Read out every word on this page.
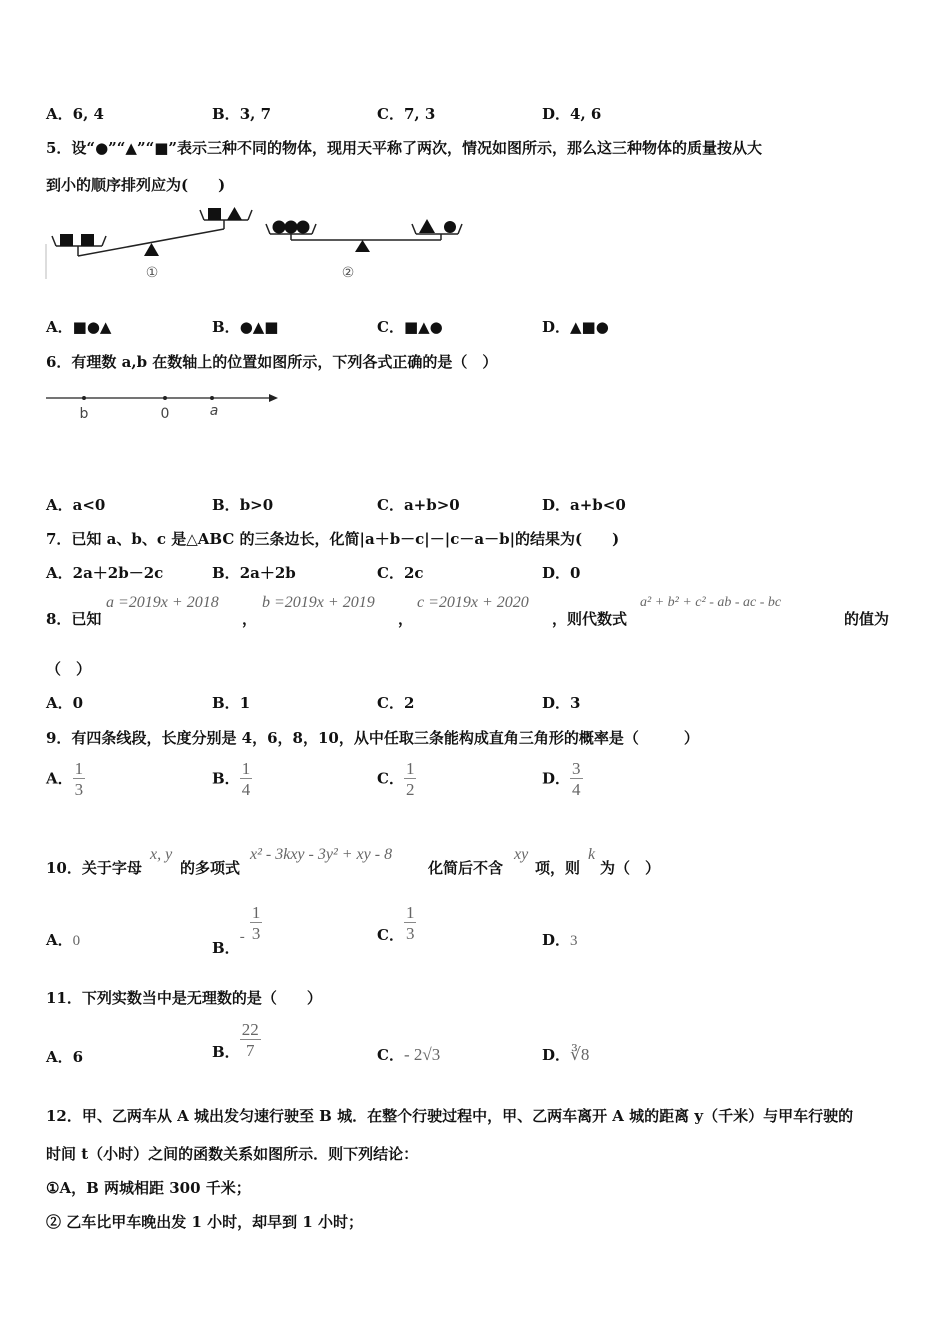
A．6, 4	B．3, 7	C．7, 3	D．4, 6
5．设“●”“▲”“■”表示三种不同的物体，现用天平称了两次，情况如图所示，那么这三种物体的质量按从大
到小的顺序排列应为(　　)
①	②
A．■●▲	B．●▲■	C．■▲●	D．▲■●
6．有理数 a,b 在数轴上的位置如图所示，下列各式正确的是（　）
b	0	a
A．a<0	B．b>0	C．a+b>0	D．a+b<0
7．已知 a、b、c 是△ABC 的三条边长，化简|a＋b－c|－|c－a－b|的结果为(　　)
A．2a＋2b－2c	B．2a＋2b	C．2c	D．0
8．已知
a =2019x + 2018
，
b =2019x + 2019
，
c =2019x + 2020
，则代数式
a² + b² + c² - ab - ac - bc
的值为
（　）
A．0	B．1	C．2	D．3
9．有四条线段，长度分别是 4，6，8，10，从中任取三条能构成直角三角形的概率是（　　　）
A． $\frac{1}{3}$	B． $\frac{1}{4}$	C． $\frac{1}{2}$	D． $\frac{3}{4}$
10．关于字母
x, y
的多项式
x² - 3kxy - 3y² + xy - 8
化简后不含
xy
项，则
k
为（　）
A．0	B．- $\frac{1}{3}$	C． $\frac{1}{3}$	D．3
11．下列实数当中是无理数的是（　　）
A．6	B． $\frac{22}{7}$	C．- 2√3	D．∛8
12．甲、乙两车从 A 城出发匀速行驶至 B 城．在整个行驶过程中，甲、乙两车离开 A 城的距离 y（千米）与甲车行驶的
时间 t（小时）之间的函数关系如图所示．则下列结论：
①A，B 两城相距 300 千米；
② 乙车比甲车晚出发 1 小时，却早到 1 小时；
